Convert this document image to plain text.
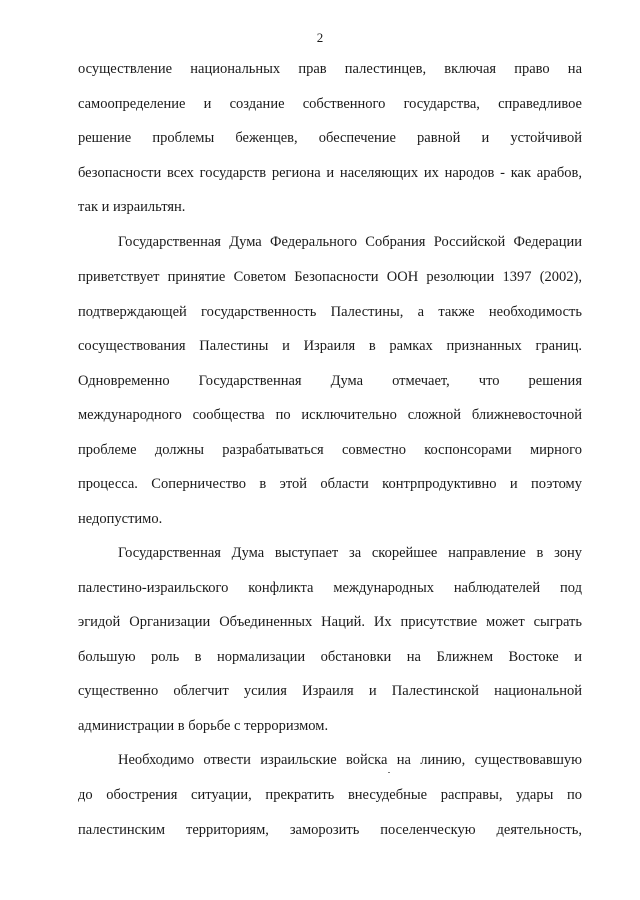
2
осуществление национальных прав палестинцев, включая право на
самоопределение и создание собственного государства, справедливое
решение проблемы беженцев, обеспечение равной и устойчивой
безопасности всех государств региона и населяющих их народов - как арабов,
так и израильтян.
Государственная Дума Федерального Собрания Российской Федерации
приветствует принятие Советом Безопасности ООН резолюции 1397 (2002),
подтверждающей государственность Палестины, а также необходимость
сосуществования Палестины и Израиля в рамках признанных границ.
Одновременно Государственная Дума отмечает, что решения
международного сообщества по исключительно сложной ближневосточной
проблеме должны разрабатываться совместно коспонсорами мирного
процесса. Соперничество в этой области контрпродуктивно и поэтому
недопустимо.
Государственная Дума выступает за скорейшее направление в зону
палестино-израильского конфликта международных наблюдателей под
эгидой Организации Объединенных Наций. Их присутствие может сыграть
большую роль в нормализации обстановки на Ближнем Востоке и
существенно облегчит усилия Израиля и Палестинской национальной
администрации в борьбе с терроризмом.
Необходимо отвести израильские войска на линию, существовавшую
до обострения ситуации, прекратить внесудебные расправы, удары по
палестинским территориям, заморозить поселенческую деятельность,
